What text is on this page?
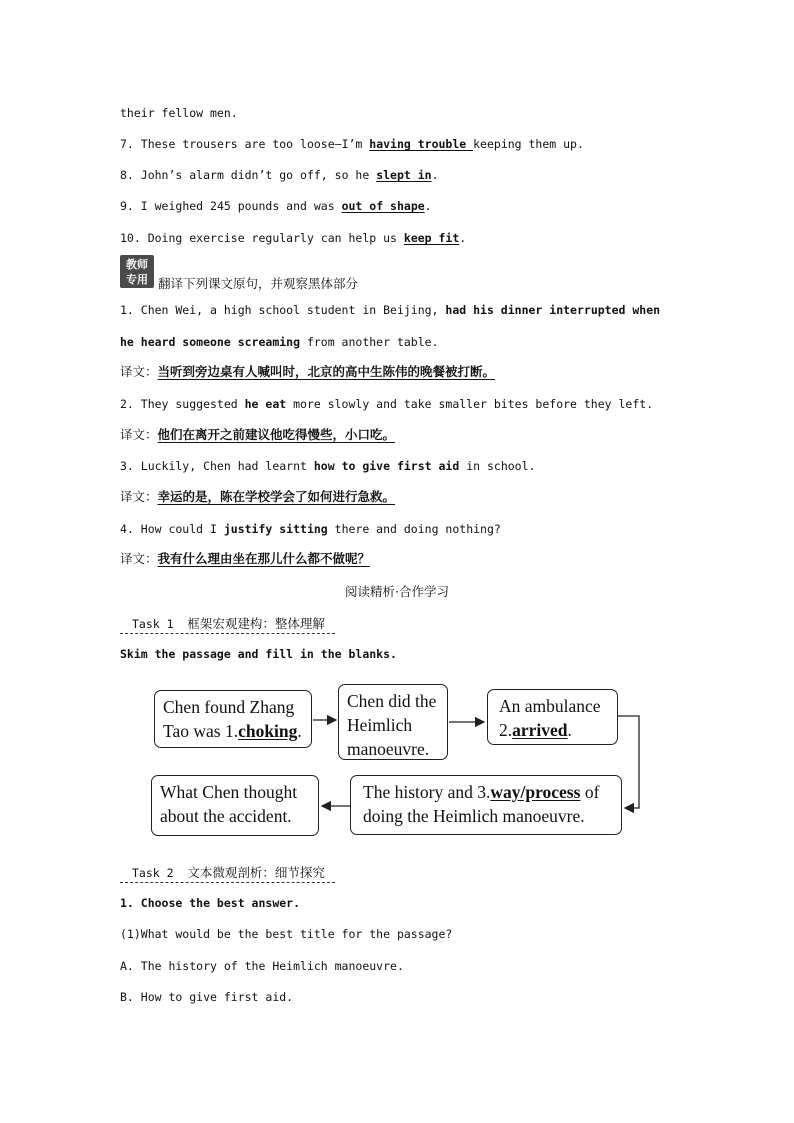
their fellow men.
7. These trousers are too loose—I’m having trouble keeping them up.
8. John’s alarm didn’t go off, so he slept in.
9. I weighed 245 pounds and was out of shape.
10. Doing exercise regularly can help us keep fit.
教师
专用 翻译下列课文原句，并观察黑体部分
1. Chen Wei, a high school student in Beijing, had his dinner interrupted when
he heard someone screaming from another table.
译文：当听到旁边桌有人喊叫时，北京的高中生陈伟的晚餐被打断。
2. They suggested he eat more slowly and take smaller bites before they left.
译文：他们在离开之前建议他吃得慢些，小口吃。
3. Luckily, Chen had learnt how to give first aid in school.
译文：幸运的是，陈在学校学会了如何进行急救。
4. How could I justify sitting there and doing nothing?
译文：我有什么理由坐在那儿什么都不做呢？
阅读精析·合作学习
Task 1 框架宏观建构：整体理解
Skim the passage and fill in the blanks.
Chen found Zhang Tao was 1.choking.
Chen did the Heimlich manoeuvre.
An ambulance 2.arrived.
The history and 3.way/process of doing the Heimlich manoeuvre.
What Chen thought about the accident.
Task 2 文本微观剖析：细节探究
1. Choose the best answer.
(1)What would be the best title for the passage?
A. The history of the Heimlich manoeuvre.
B. How to give first aid.
